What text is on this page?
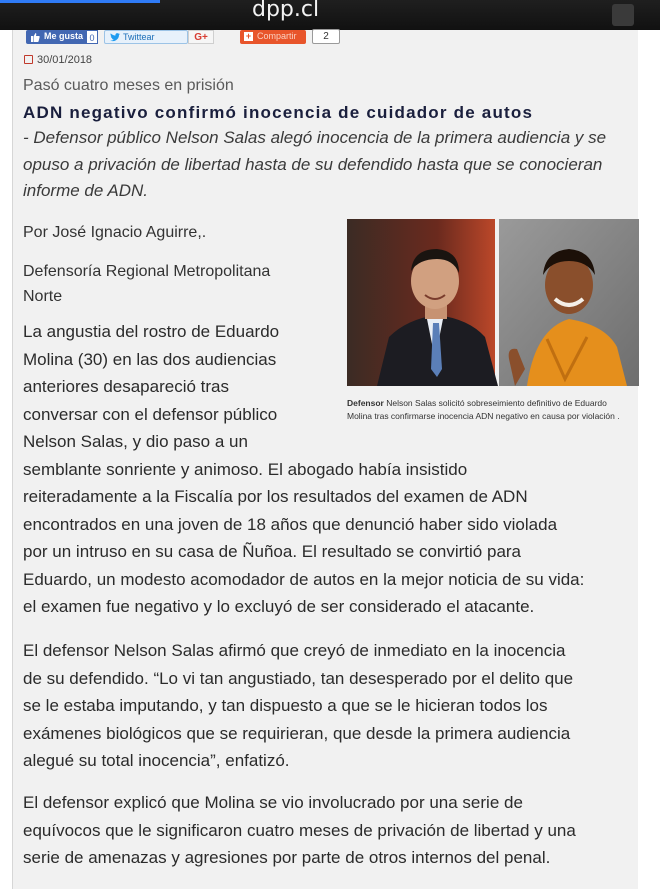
dpp.cl
Me gusta 0	Twittear	G+	+ Compartir	2
30/01/2018
Pasó cuatro meses en prisión
ADN negativo confirmó inocencia de cuidador de autos
- Defensor público Nelson Salas alegó inocencia de la primera audiencia y se
opuso a privación de libertad hasta de su defendido hasta que se conocieran
informe de ADN.
Por José Ignacio Aguirre,.
Defensoría Regional Metropolitana
Norte
Defensor Nelson Salas solicitó sobreseimiento definitivo de Eduardo
Molina tras confirmarse inocencia ADN negativo en causa por violación .
La angustia del rostro de Eduardo
Molina (30) en las dos audiencias
anteriores desapareció tras
conversar con el defensor público
Nelson Salas, y dio paso a un
semblante sonriente y animoso. El abogado había insistido
reiteradamente a la Fiscalía por los resultados del examen de ADN
encontrados en una joven de 18 años que denunció haber sido violada
por un intruso en su casa de Ñuñoa. El resultado se convirtió para
Eduardo, un modesto acomodador de autos en la mejor noticia de su vida:
el examen fue negativo y lo excluyó de ser considerado el atacante.
El defensor Nelson Salas afirmó que creyó de inmediato en la inocencia
de su defendido. “Lo vi tan angustiado, tan desesperado por el delito que
se le estaba imputando, y tan dispuesto a que se le hicieran todos los
exámenes biológicos que se requirieran, que desde la primera audiencia
alegué su total inocencia”, enfatizó.
El defensor explicó que Molina se vio involucrado por una serie de
equívocos que le significaron cuatro meses de privación de libertad y una
serie de amenazas y agresiones por parte de otros internos del penal.
